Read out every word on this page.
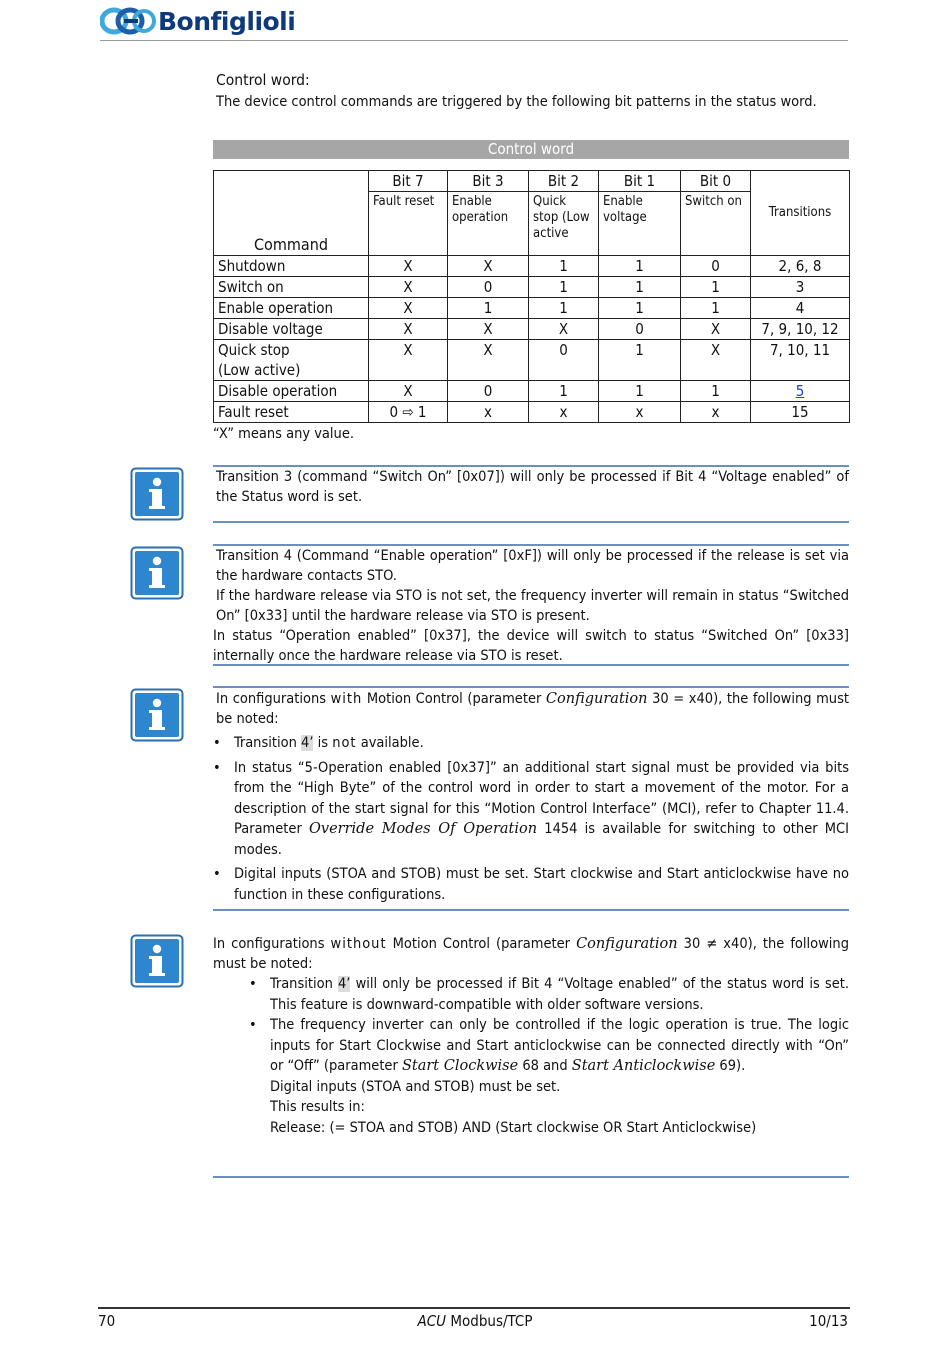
Bonfiglioli
Control word:
The device control commands are triggered by the following bit patterns in the status word.
Control word
Command	Bit 7	Bit 3	Bit 2	Bit 1	Bit 0	Transitions
	Fault reset	Enable operation	Quick stop (Low active	Enable voltage	Switch on	
Shutdown	X	X	1	1	0	2, 6, 8
Switch on	X	0	1	1	1	3
Enable operation	X	1	1	1	1	4
Disable voltage	X	X	X	0	X	7, 9, 10, 12
Quick stop
(Low active)	X	X	0	1	X	7, 10, 11
Disable operation	X	0	1	1	1	5
Fault reset	0 ⇨ 1	x	x	x	x	15
“X” means any value.
Transition 3 (command “Switch On” [0x07]) will only be processed if Bit 4 “Voltage enabled” of the Status word is set.

Transition 4 (Command “Enable operation” [0xF]) will only be processed if the release is set via the hardware contacts STO.

If the hardware release via STO is not set, the frequency inverter will remain in status “Switched On” [0x33] until the hardware release via STO is present.

In status “Operation enabled” [0x37], the device will switch to status “Switched On” [0x33] internally once the hardware release via STO is reset.

In configurations with Motion Control (parameter Configuration 30 = x40), the following must be noted:

• Transition 4’ is not available.
• In status “5-Operation enabled [0x37]” an additional start signal must be provided via bits from the “High Byte” of the control word in order to start a movement of the motor. For a description of the start signal for this “Motion Control Interface” (MCI), refer to Chapter 11.4. Parameter Override Modes Of Operation 1454 is available for switching to other MCI modes.
• Digital inputs (STOA and STOB) must be set. Start clockwise and Start anticlockwise have no function in these configurations.

In configurations without Motion Control (parameter Configuration 30 ≠ x40), the following must be noted:

• Transition 4’ will only be processed if Bit 4 “Voltage enabled” of the status word is set. This feature is downward-compatible with older software versions.
• The frequency inverter can only be controlled if the logic operation is true. The logic inputs for Start Clockwise and Start anticlockwise can be connected directly with “On” or “Off” (parameter Start Clockwise 68 and Start Anticlockwise 69).
Digital inputs (STOA and STOB) must be set.
This results in:
Release: (= STOA and STOB) AND (Start clockwise OR Start Anticlockwise)
70	ACU Modbus/TCP	10/13
